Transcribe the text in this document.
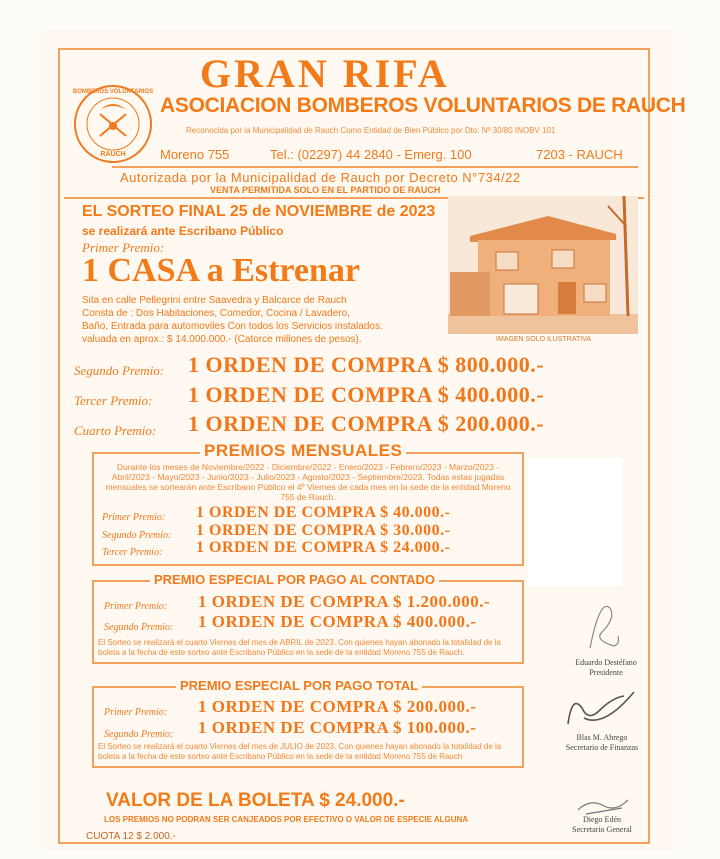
GRAN RIFA
RAUCH
BOMBEROS VOLUNTARIOS
ASOCIACION BOMBEROS VOLUNTARIOS DE RAUCH
Reconocida por la Municipalidad de Rauch Como Entidad de Bien Público por Dto: Nº 30/80 INOBV 101
Moreno 755	Tel.: (02297) 44 2840 - Emerg. 100	7203 - RAUCH
Autorizada por la Municipalidad de Rauch por Decreto N°734/22
VENTA PERMITIDA SOLO EN EL PARTIDO DE RAUCH
EL SORTEO FINAL 25 de NOVIEMBRE de 2023
se realizará ante Escribano Público
Primer Premio:
1 CASA a Estrenar
Sita en calle Pellegrini entre Saavedra y Balcarce de Rauch
Consta de : Dos Habitaciones, Comedor, Cocina / Lavadero,
Baño, Entrada para automoviles Con todos los Servicios instalados.
valuada en aprox.: $ 14.000.000.- (Catorce millones de pesos).	IMAGEN SOLO ILUSTRATIVA
Segundo Premio: 1 ORDEN DE COMPRA $ 800.000.-
Tercer Premio: 1 ORDEN DE COMPRA $ 400.000.-
Cuarto Premio: 1 ORDEN DE COMPRA $ 200.000.-
PREMIOS MENSUALES
Durante los meses de Noviembre/2022 - Diciembre/2022 - Enero/2023 - Febrero/2023 - Marzo/2023 - Abril/2023 - Mayo/2023 - Junio/2023 - Julio/2023 - Agosto/2023 - Septiembre/2023. Todas estas jugadas mensuales se sortearán ante Escribano Público el 4º Viernes de cada mes en la sede de la entidad Moreno 755 de Rauch.
Primer Premio: 1 ORDEN DE COMPRA $ 40.000.-
Segundo Premio: 1 ORDEN DE COMPRA $ 30.000.-
Tercer Premio: 1 ORDEN DE COMPRA $ 24.000.-
PREMIO ESPECIAL POR PAGO AL CONTADO
Primer Premio: 1 ORDEN DE COMPRA $ 1.200.000.-
Segundo Premio: 1 ORDEN DE COMPRA $ 400.000.-
El Sorteo se realizará el cuarto Viernes del mes de ABRIL de 2023. Con quienes hayan abonado la totalidad de la boleta a la fecha de este sorteo ante Escribano Público en la sede de la entidad Moreno 755 de Rauch.
PREMIO ESPECIAL POR PAGO TOTAL
Primer Premio: 1 ORDEN DE COMPRA $ 200.000.-
Segundo Premio: 1 ORDEN DE COMPRA $ 100.000.-
El Sorteo se realizará el cuarto Viernes del mes de JULIO de 2023. Con quienes hayan abonado la totalidad de la boleta a la fecha de este sorteo ante Escribano Público en la sede de la entidad Moreno 755 de Rauch
VALOR DE LA BOLETA $ 24.000.-
LOS PREMIOS NO PODRAN SER CANJEADOS POR EFECTIVO O VALOR DE ESPECIE ALGUNA
CUOTA 12 $ 2.000.-
Eduardo Destéfano
Presidente
Blas M. Abrego
Secretario de Finanzas
Diego Edén
Secretario General
